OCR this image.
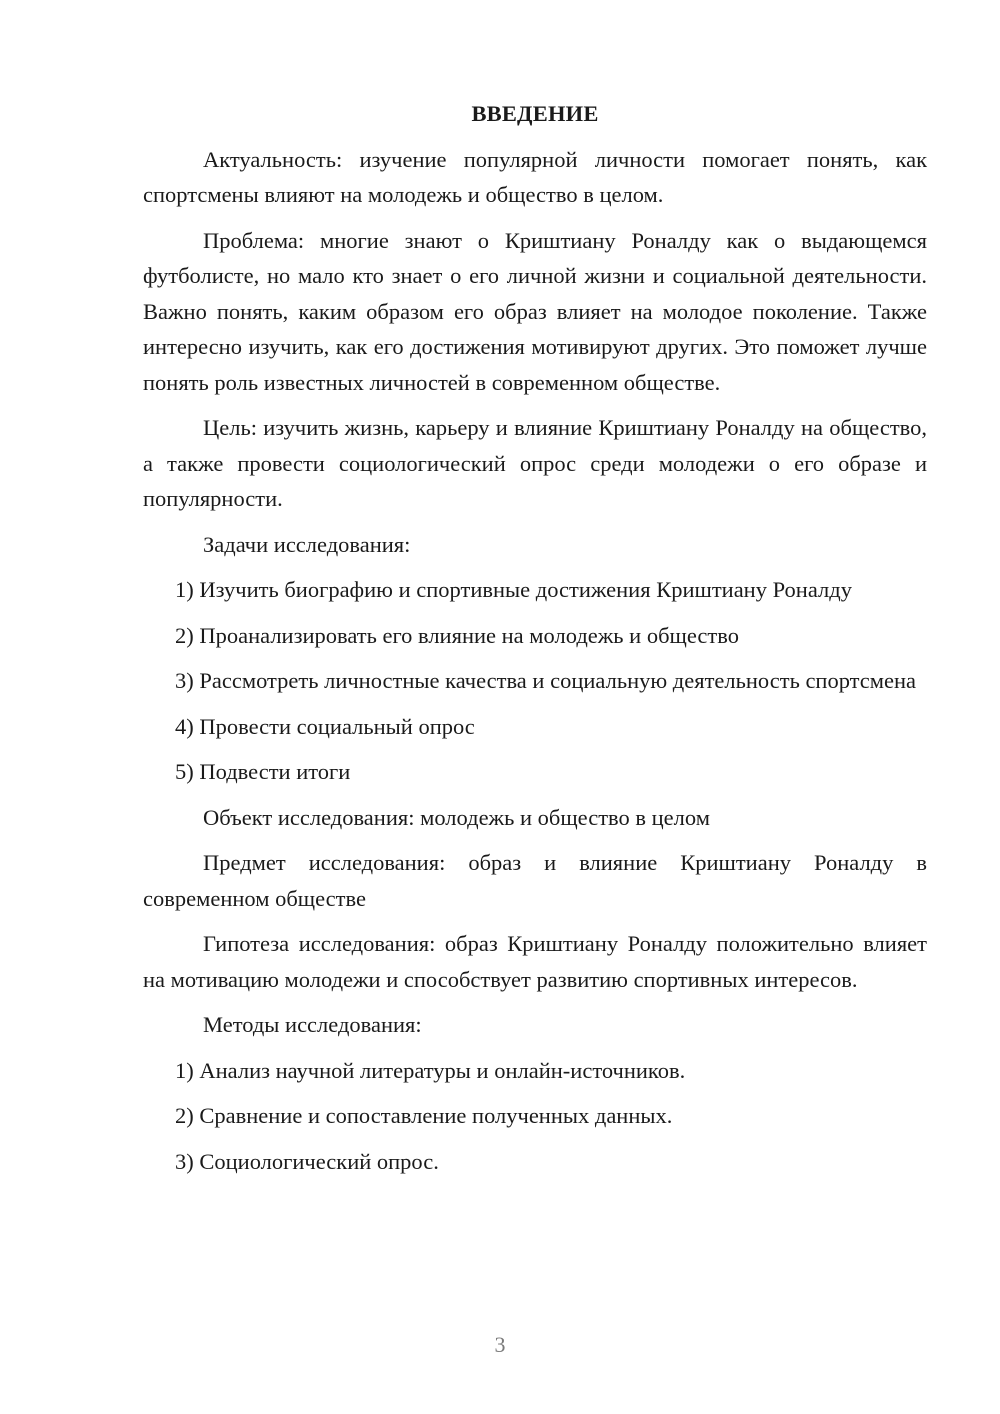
ВВЕДЕНИЕ

Актуальность: изучение популярной личности помогает понять, как спортсмены влияют на молодежь и общество в целом.

Проблема: многие знают о Криштиану Роналду как о выдающемся футболисте, но мало кто знает о его личной жизни и социальной деятельности. Важно понять, каким образом его образ влияет на молодое поколение. Также интересно изучить, как его достижения мотивируют других. Это поможет лучше понять роль известных личностей в современном обществе.

Цель: изучить жизнь, карьеру и влияние Криштиану Роналду на общество, а также провести социологический опрос среди молодежи о его образе и популярности.

Задачи исследования:

1) Изучить биографию и спортивные достижения Криштиану Роналду

2) Проанализировать его влияние на молодежь и общество

3) Рассмотреть личностные качества и социальную деятельность спортсмена

4) Провести социальный опрос

5) Подвести итоги

Объект исследования: молодежь и общество в целом

Предмет исследования: образ и влияние Криштиану Роналду в современном обществе

Гипотеза исследования: образ Криштиану Роналду положительно влияет на мотивацию молодежи и способствует развитию спортивных интересов.

Методы исследования:

1) Анализ научной литературы и онлайн-источников.

2) Сравнение и сопоставление полученных данных.

3) Социологический опрос.

3
